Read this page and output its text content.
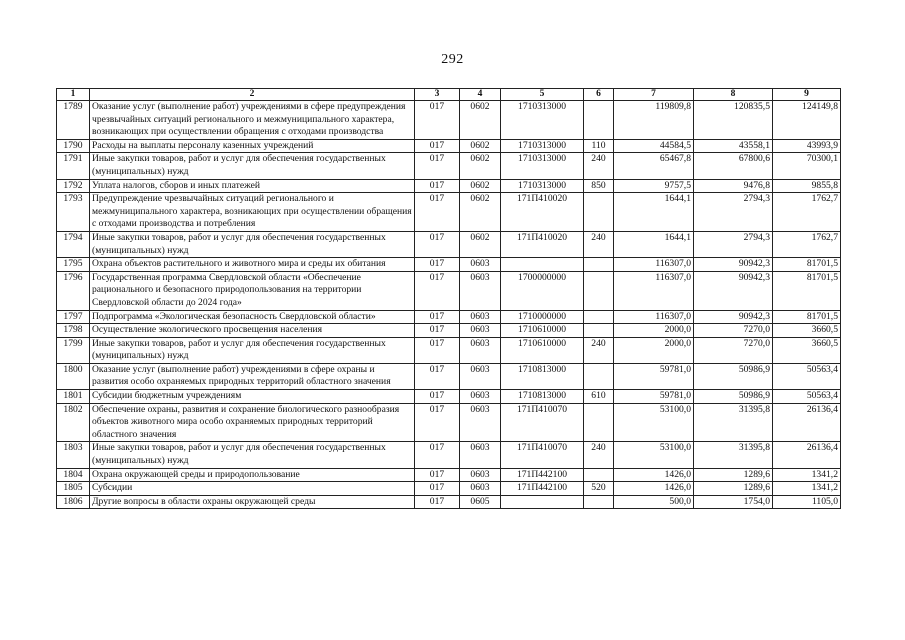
292
1	2	3	4	5	6	7	8	9
1789	Оказание услуг (выполнение работ) учреждениями в сфере предупреждения чрезвычайных ситуаций регионального и межмуниципального характера, возникающих при осуществлении обращения с отходами производства	017	0602	1710313000		119809,8	120835,5	124149,8
1790	Расходы на выплаты персоналу казенных учреждений	017	0602	1710313000	110	44584,5	43558,1	43993,9
1791	Иные закупки товаров, работ и услуг для обеспечения государственных (муниципальных) нужд	017	0602	1710313000	240	65467,8	67800,6	70300,1
1792	Уплата налогов, сборов и иных платежей	017	0602	1710313000	850	9757,5	9476,8	9855,8
1793	Предупреждение чрезвычайных ситуаций регионального и межмуниципального характера, возникающих при осуществлении обращения с отходами производства и потребления	017	0602	171П410020		1644,1	2794,3	1762,7
1794	Иные закупки товаров, работ и услуг для обеспечения государственных (муниципальных) нужд	017	0602	171П410020	240	1644,1	2794,3	1762,7
1795	Охрана объектов растительного и животного мира и среды их обитания	017	0603			116307,0	90942,3	81701,5
1796	Государственная программа Свердловской области «Обеспечение рационального и безопасного природопользования на территории Свердловской области до 2024 года»	017	0603	1700000000		116307,0	90942,3	81701,5
1797	Подпрограмма «Экологическая безопасность Свердловской области»	017	0603	1710000000		116307,0	90942,3	81701,5
1798	Осуществление экологического просвещения населения	017	0603	1710610000		2000,0	7270,0	3660,5
1799	Иные закупки товаров, работ и услуг для обеспечения государственных (муниципальных) нужд	017	0603	1710610000	240	2000,0	7270,0	3660,5
1800	Оказание услуг (выполнение работ) учреждениями в сфере охраны и развития особо охраняемых природных территорий областного значения	017	0603	1710813000		59781,0	50986,9	50563,4
1801	Субсидии бюджетным учреждениям	017	0603	1710813000	610	59781,0	50986,9	50563,4
1802	Обеспечение охраны, развития и сохранение биологического разнообразия объектов животного мира особо охраняемых природных территорий областного значения	017	0603	171П410070		53100,0	31395,8	26136,4
1803	Иные закупки товаров, работ и услуг для обеспечения государственных (муниципальных) нужд	017	0603	171П410070	240	53100,0	31395,8	26136,4
1804	Охрана окружающей среды и природопользование	017	0603	171П442100		1426,0	1289,6	1341,2
1805	Субсидии	017	0603	171П442100	520	1426,0	1289,6	1341,2
1806	Другие вопросы в области охраны окружающей среды	017	0605			500,0	1754,0	1105,0
